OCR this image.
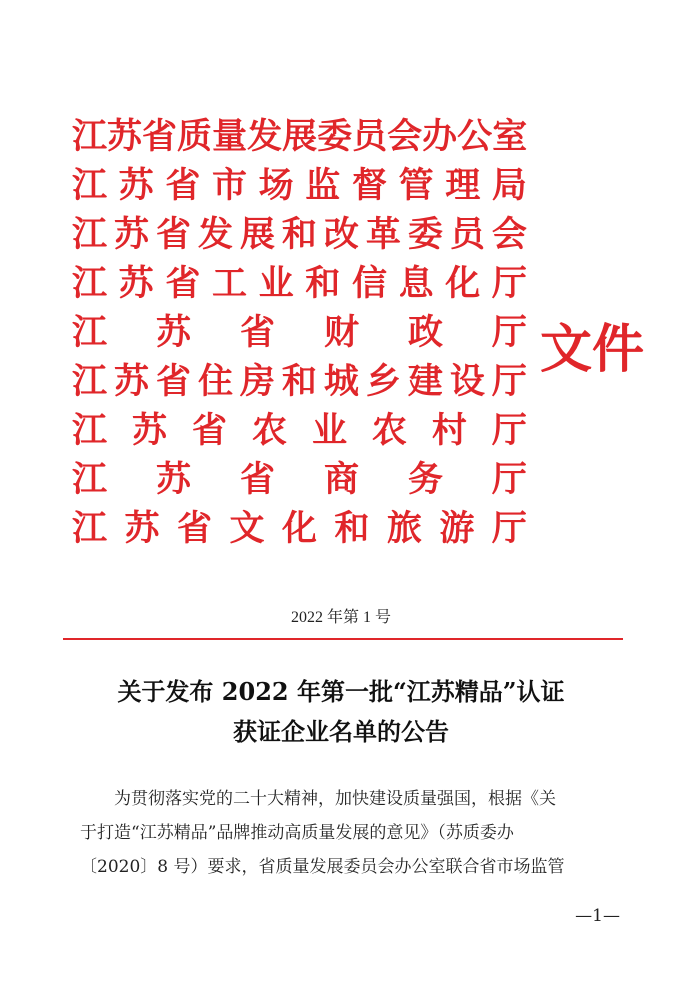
江 苏 省 质 量 发 展 委 员 会 办 公 室
江 苏 省 市 场 监 督 管 理 局
江 苏 省 发 展 和 改 革 委 员 会
江 苏 省 工 业 和 信 息 化 厅
江 苏 省 财 政 厅
江 苏 省 住 房 和 城 乡 建 设 厅
江 苏 省 农 业 农 村 厅
江 苏 省 商 务 厅
江 苏 省 文 化 和 旅 游 厅
文件
2022 年第 1 号
关于发布 2022 年第一批“江苏精品”认证
获证企业名单的公告
为贯彻落实党的二十大精神，加快建设质量强国，根据《关
于打造“江苏精品”品牌推动高质量发展的意见》（苏质委办
〔2020〕8 号）要求，省质量发展委员会办公室联合省市场监管
—1—
